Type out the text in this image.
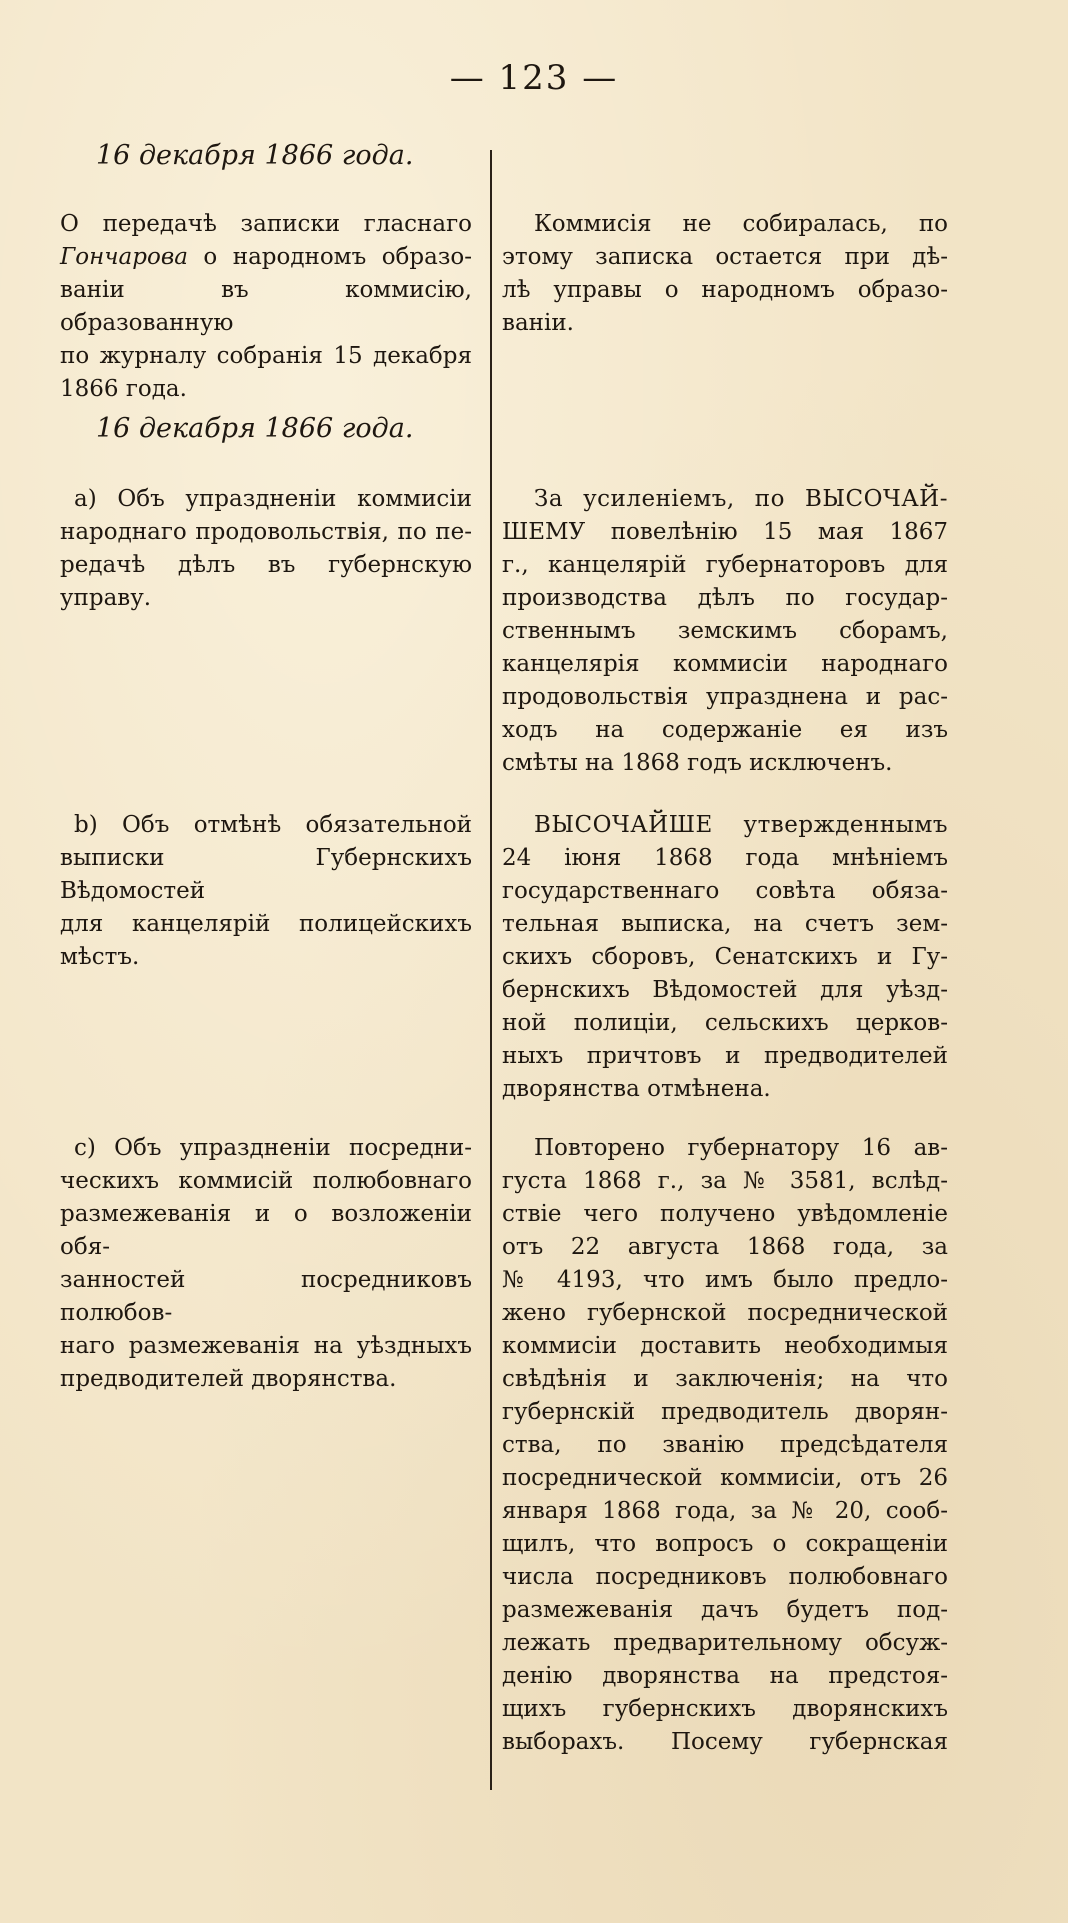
— 123 —
16 декабря 1866 года.
О передачѣ записки гласнаго
Гончарова о народномъ образо-
ваніи въ коммисію, образованную
по журналу собранія 15 декабря
1866 года.
16 декабря 1866 года.
а) Объ упраздненіи коммисіи
народнаго продовольствія, по пе-
редачѣ дѣлъ въ губернскую
управу.
b) Объ отмѣнѣ обязательной
выписки Губернскихъ Вѣдомостей
для канцелярій полицейскихъ
мѣстъ.
с) Объ упраздненіи посредни-
ческихъ коммисій полюбовнаго
размежеванія и о возложеніи обя-
занностей посредниковъ полюбов-
наго размежеванія на уѣздныхъ
предводителей дворянства.
Коммисія не собиралась, по
этому записка остается при дѣ-
лѣ управы о народномъ образо-
ваніи.
За усиленіемъ, по ВЫСОЧАЙ-
ШЕМУ повелѣнію 15 мая 1867
г., канцелярій губернаторовъ для
производства дѣлъ по государ-
ственнымъ земскимъ сборамъ,
канцелярія коммисіи народнаго
продовольствія упразднена и рас-
ходъ на содержаніе ея изъ
смѣты на 1868 годъ исключенъ.
ВЫСОЧАЙШЕ утвержденнымъ
24 іюня 1868 года мнѣніемъ
государственнаго совѣта обяза-
тельная выписка, на счетъ зем-
скихъ сборовъ, Сенатскихъ и Гу-
бернскихъ Вѣдомостей для уѣзд-
ной полиціи, сельскихъ церков-
ныхъ причтовъ и предводителей
дворянства отмѣнена.
Повторено губернатору 16 ав-
густа 1868 г., за № 3581, вслѣд-
ствіе чего получено увѣдомленіе
отъ 22 августа 1868 года, за
№ 4193, что имъ было предло-
жено губернской посреднической
коммисіи доставить необходимыя
свѣдѣнія и заключенія; на что
губернскій предводитель дворян-
ства, по званію предсѣдателя
посреднической коммисіи, отъ 26
января 1868 года, за № 20, сооб-
щилъ, что вопросъ о сокращеніи
числа посредниковъ полюбовнаго
размежеванія дачъ будетъ под-
лежать предварительному обсуж-
денію дворянства на предстоя-
щихъ губернскихъ дворянскихъ
выборахъ. Посему губернская
